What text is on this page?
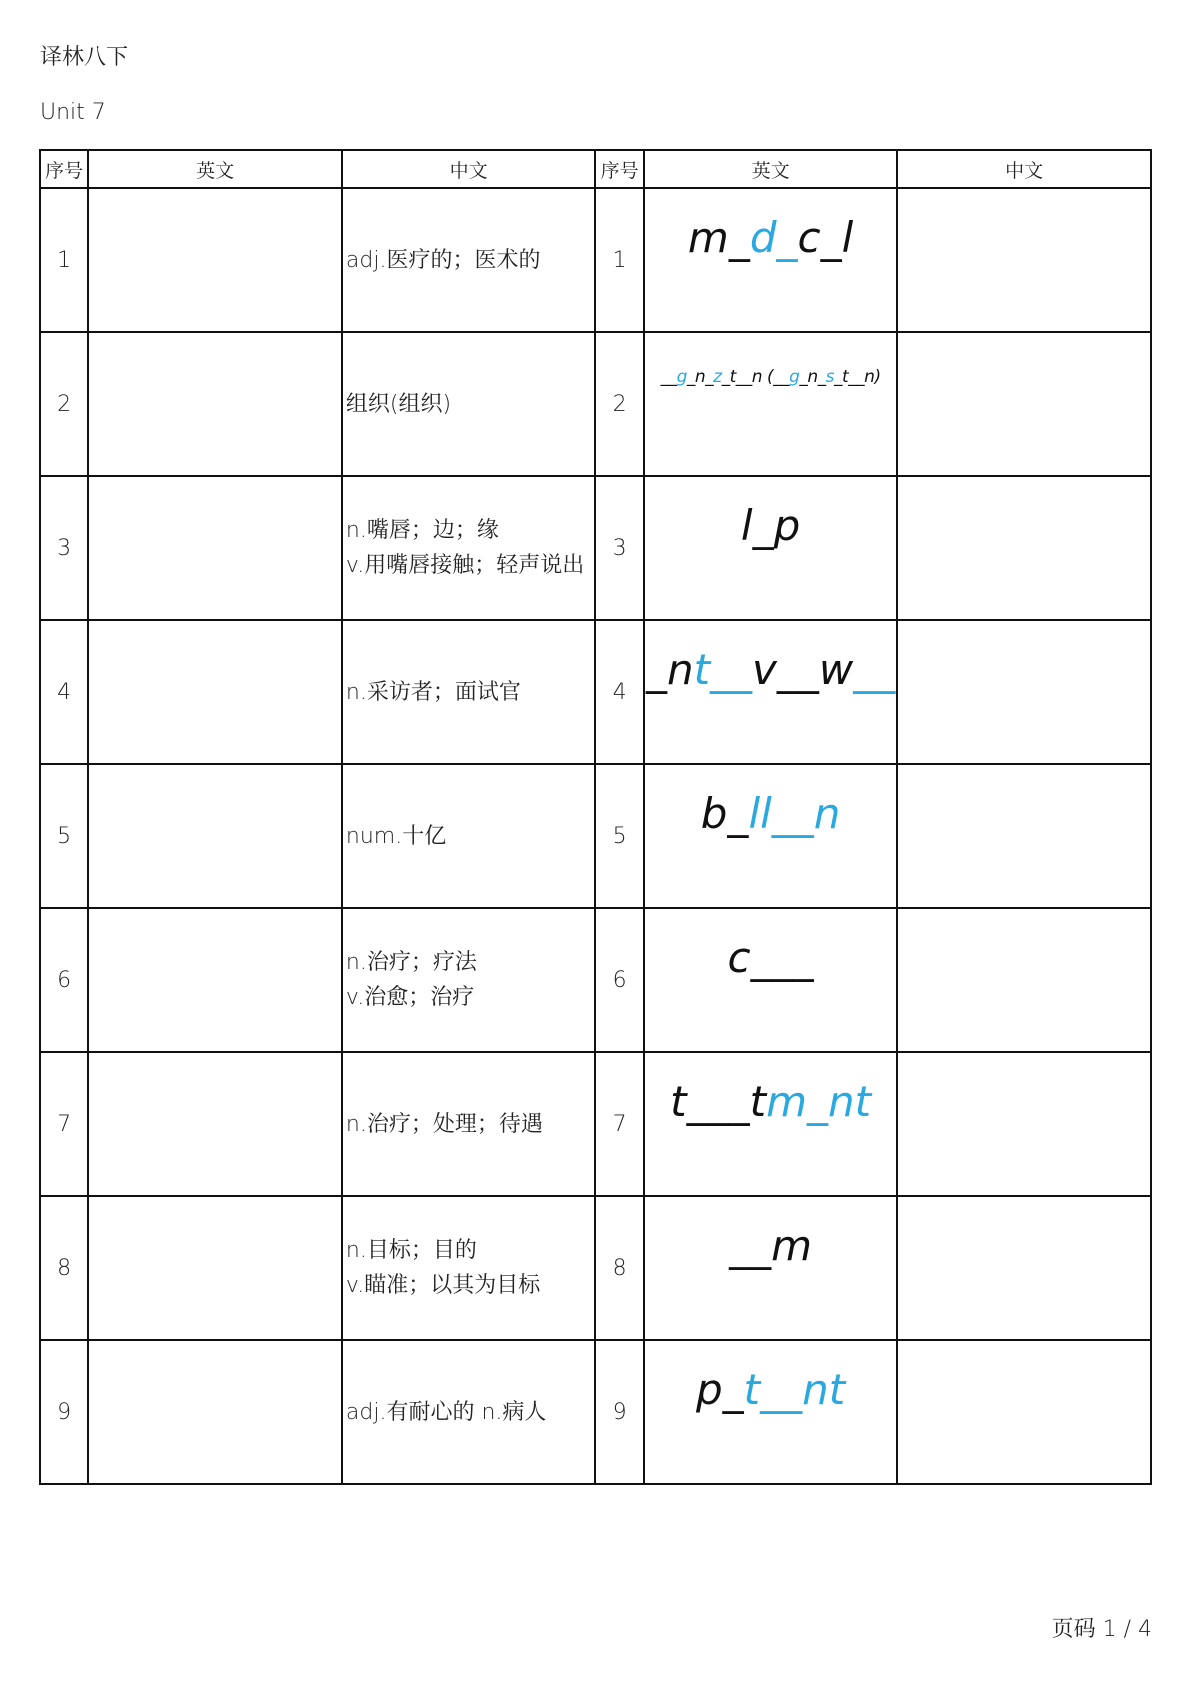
译林八下
Unit 7
序号	英文	中文	序号	英文	中文
1		adj.医疗的；医术的	1	m_d_c_l	
2		组织(组织)	2	__g_n_z_t__n (__g_n_s_t__n)	
3		n.嘴唇；边；缘
v.用嘴唇接触；轻声说出	3	l_p	
4		n.采访者；面试官	4	_nt__v__w__	
5		num.十亿	5	b_ll__n	
6		n.治疗；疗法
v.治愈；治疗	6	c___	
7		n.治疗；处理；待遇	7	t___tm_nt	
8		n.目标；目的
v.瞄准；以其为目标	8	__m	
9		adj.有耐心的 n.病人	9	p_t__nt	
页码 1 / 4
